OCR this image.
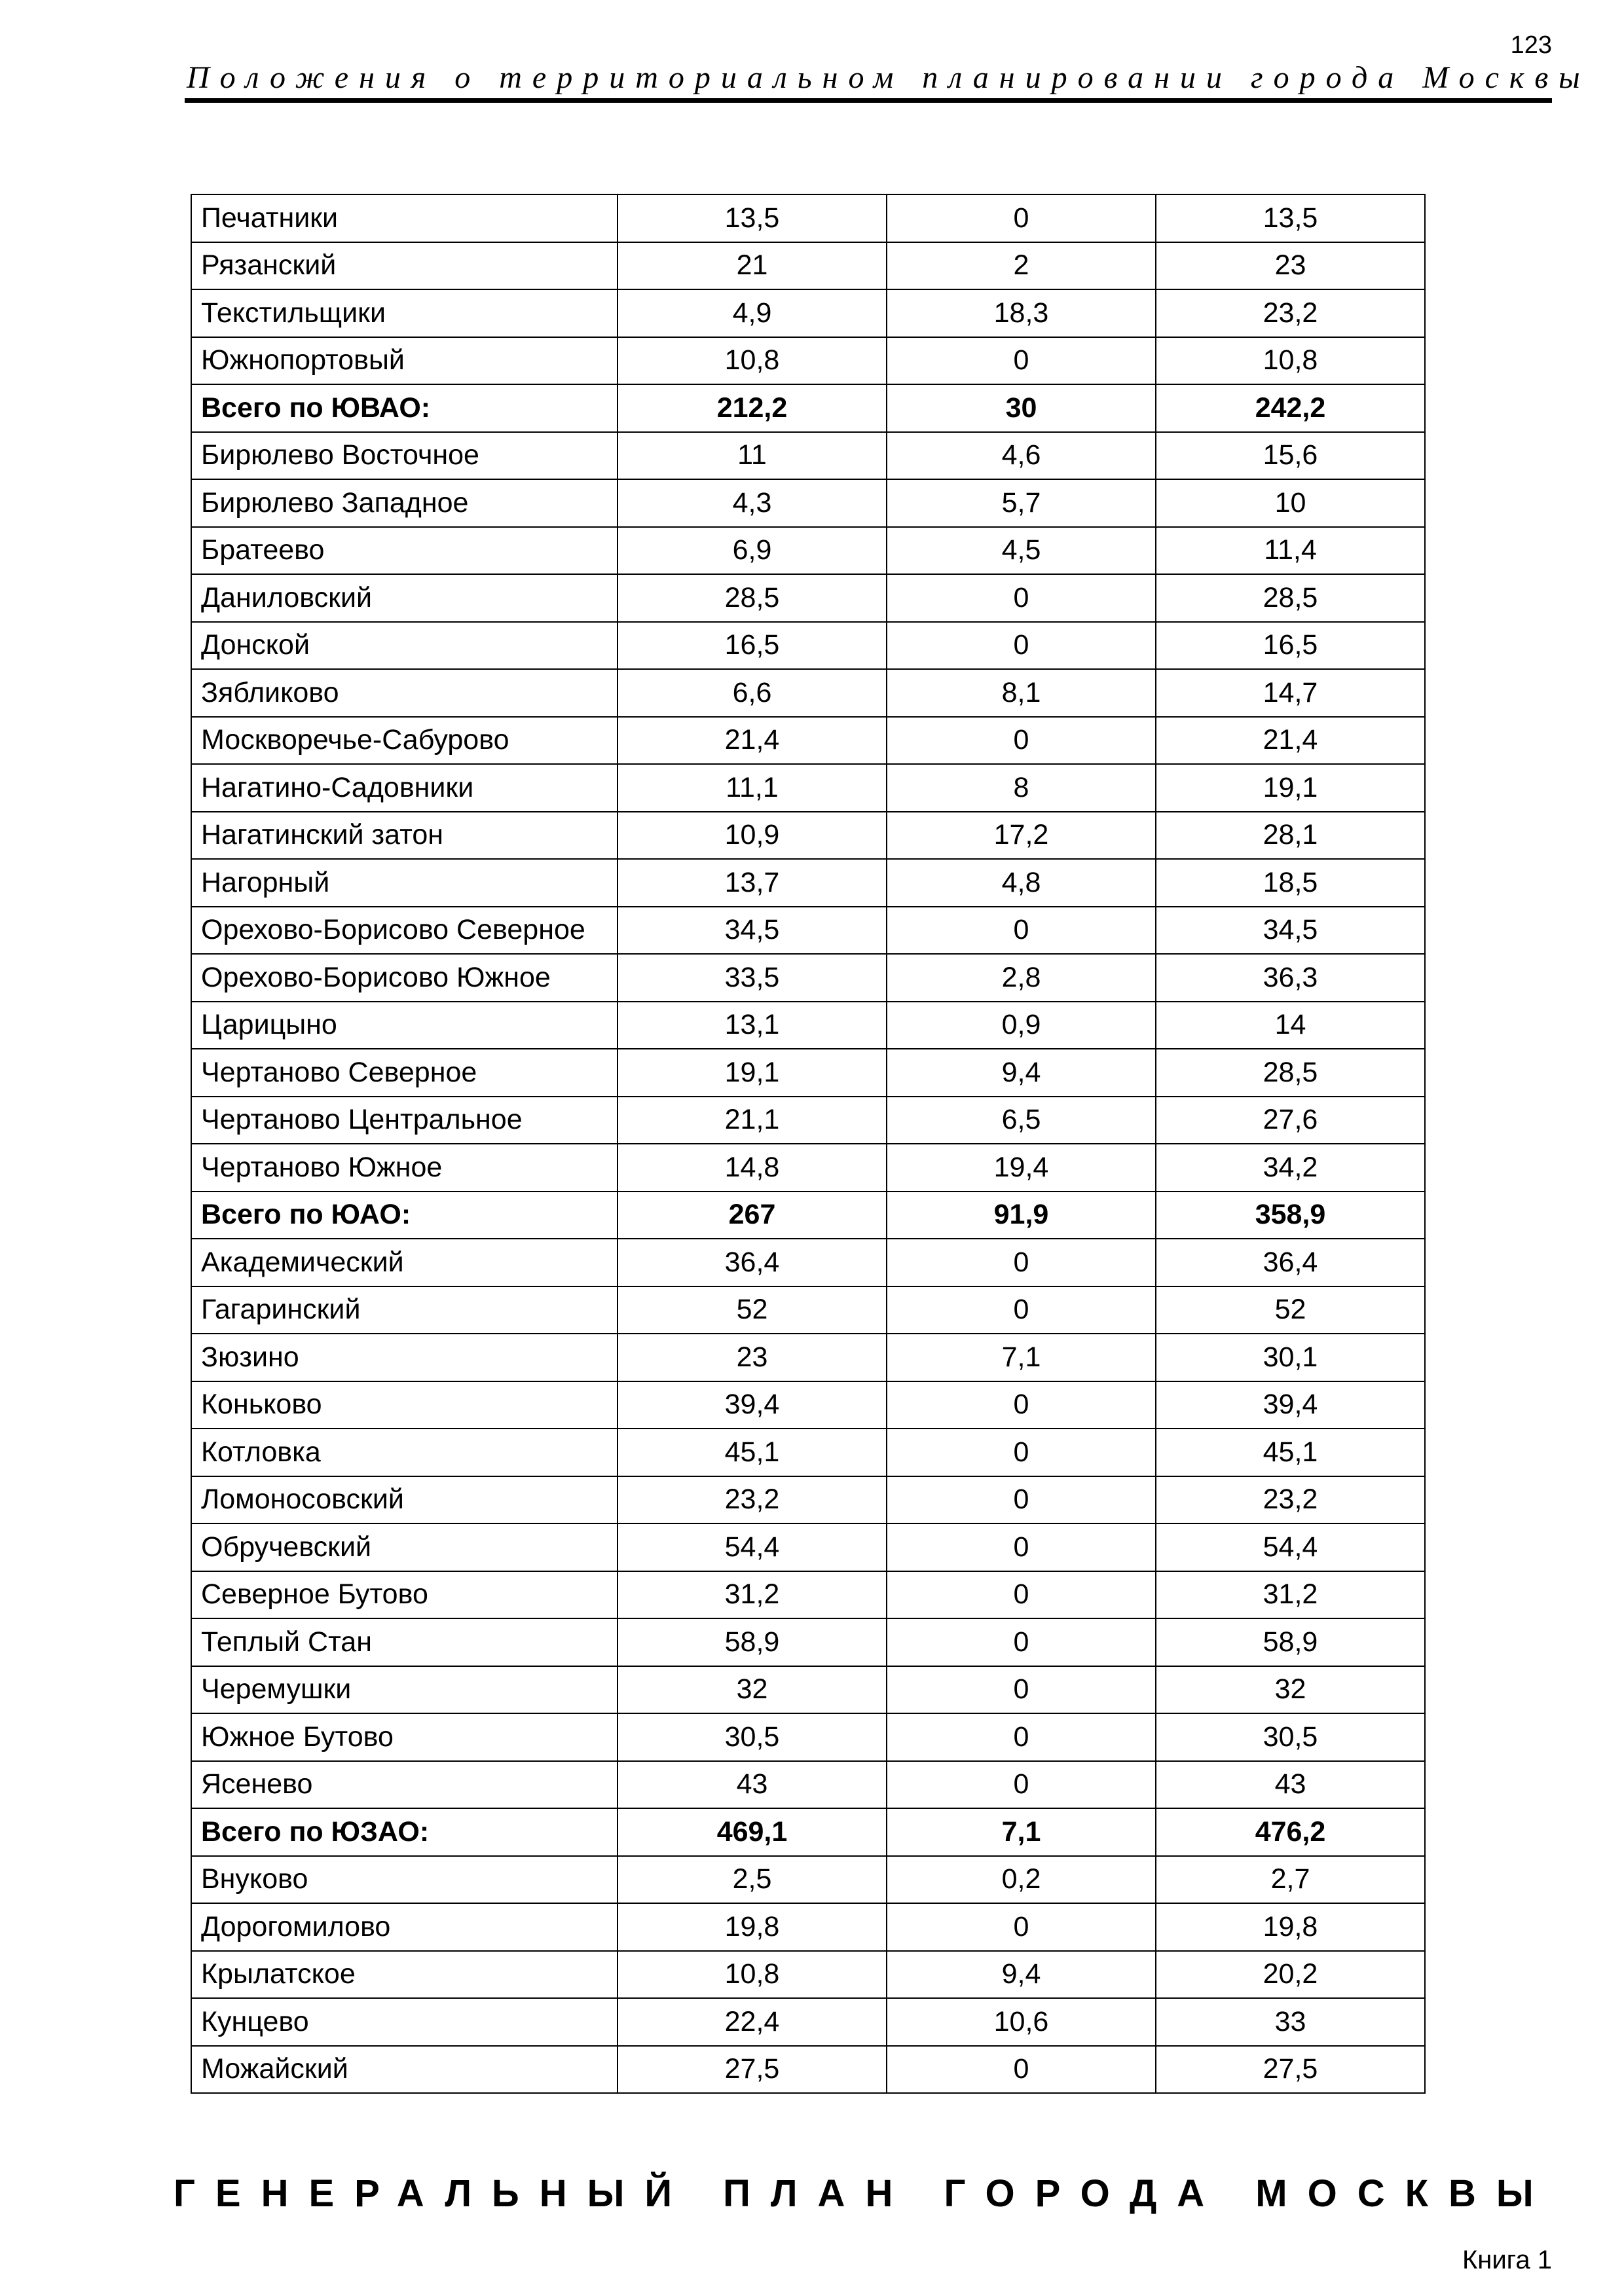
123
Положения о территориальном планировании города Москвы
Печатники	13,5	0	13,5
Рязанский	21	2	23
Текстильщики	4,9	18,3	23,2
Южнопортовый	10,8	0	10,8
Всего по ЮВАО:	212,2	30	242,2
Бирюлево Восточное	11	4,6	15,6
Бирюлево Западное	4,3	5,7	10
Братеево	6,9	4,5	11,4
Даниловский	28,5	0	28,5
Донской	16,5	0	16,5
Зябликово	6,6	8,1	14,7
Москворечье-Сабурово	21,4	0	21,4
Нагатино-Садовники	11,1	8	19,1
Нагатинский затон	10,9	17,2	28,1
Нагорный	13,7	4,8	18,5
Орехово-Борисово Северное	34,5	0	34,5
Орехово-Борисово Южное	33,5	2,8	36,3
Царицыно	13,1	0,9	14
Чертаново Северное	19,1	9,4	28,5
Чертаново Центральное	21,1	6,5	27,6
Чертаново Южное	14,8	19,4	34,2
Всего по ЮАО:	267	91,9	358,9
Академический	36,4	0	36,4
Гагаринский	52	0	52
Зюзино	23	7,1	30,1
Коньково	39,4	0	39,4
Котловка	45,1	0	45,1
Ломоносовский	23,2	0	23,2
Обручевский	54,4	0	54,4
Северное Бутово	31,2	0	31,2
Теплый Стан	58,9	0	58,9
Черемушки	32	0	32
Южное Бутово	30,5	0	30,5
Ясенево	43	0	43
Всего по ЮЗАО:	469,1	7,1	476,2
Внуково	2,5	0,2	2,7
Дорогомилово	19,8	0	19,8
Крылатское	10,8	9,4	20,2
Кунцево	22,4	10,6	33
Можайский	27,5	0	27,5
ГЕНЕРАЛЬНЫЙ ПЛАН ГОРОДА МОСКВЫ
Книга 1
